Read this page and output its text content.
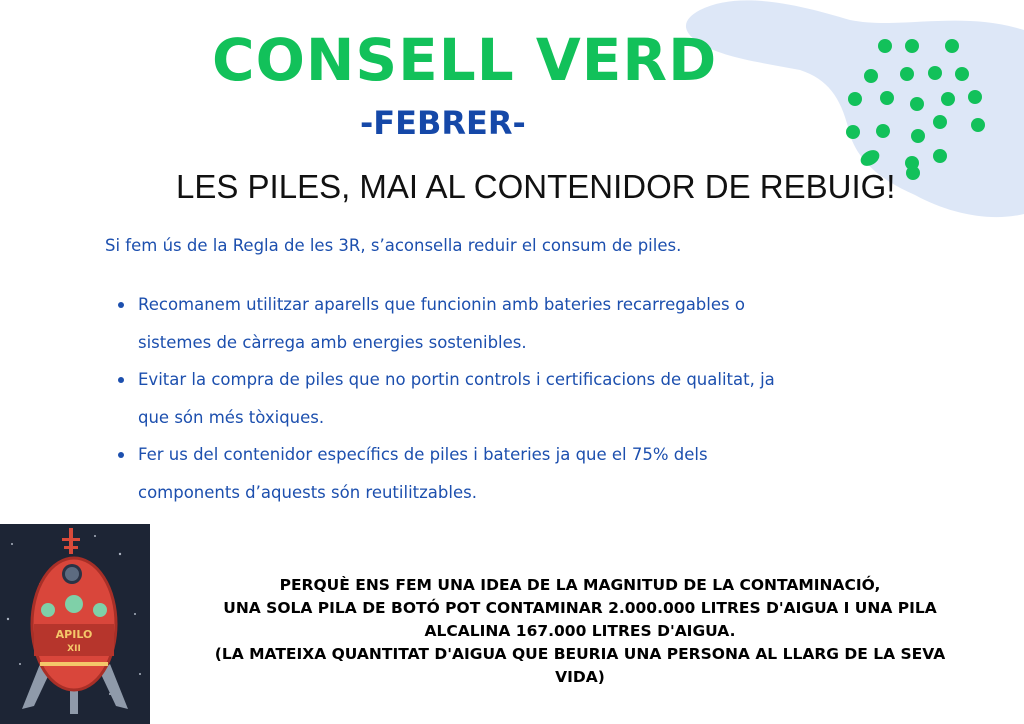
CONSELL VERD
-FEBRER-
LES PILES, MAI AL CONTENIDOR DE REBUIG!
Si fem ús de la Regla de les 3R, s’aconsella reduir el consum de piles.
Recomanem utilitzar aparells que funcionin amb bateries recarregables o
sistemes de càrrega amb energies sostenibles.
Evitar la compra de piles que no portin controls i certificacions de qualitat, ja
que són més tòxiques.
Fer us del contenidor específics de piles i bateries ja que el 75% dels
components d’aquests són reutilitzables.
APILO
XII
PERQUÈ ENS FEM UNA IDEA DE LA MAGNITUD DE LA CONTAMINACIÓ,
UNA SOLA PILA DE BOTÓ POT CONTAMINAR 2.000.000 LITRES D'AIGUA I UNA PILA
ALCALINA 167.000 LITRES D'AIGUA.
(LA MATEIXA QUANTITAT D'AIGUA QUE BEURIA UNA PERSONA AL LLARG DE LA SEVA
VIDA)
